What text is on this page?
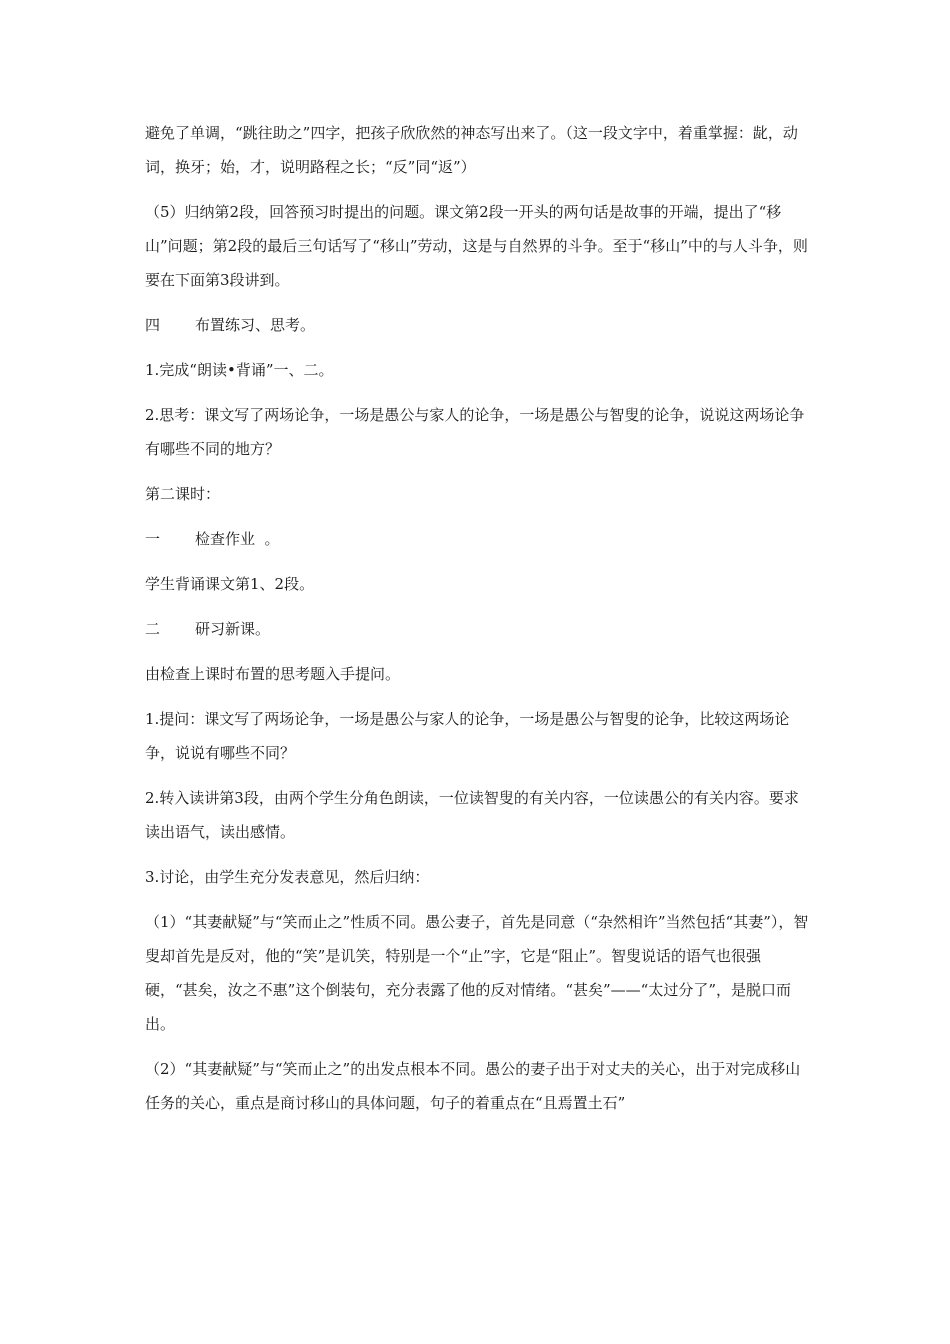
避免了单调，“跳往助之”四字，把孩子欣欣然的神态写出来了。（这一段文字中，着重掌握：龀，动词，换牙；始，才，说明路程之长；“反”同“返”）

（5）归纳第2段，回答预习时提出的问题。课文第2段一开头的两句话是故事的开端，提出了“移山”问题；第2段的最后三句话写了“移山”劳动，这是与自然界的斗争。至于“移山”中的与人斗争，则要在下面第3段讲到。

四 布置练习、思考。

1.完成“朗读•背诵”一、二。

2.思考：课文写了两场论争，一场是愚公与家人的论争，一场是愚公与智叟的论争，说说这两场论争有哪些不同的地方？

第二课时：

一 检查作业  。

学生背诵课文第1、2段。

二 研习新课。

由检查上课时布置的思考题入手提问。

1.提问：课文写了两场论争，一场是愚公与家人的论争，一场是愚公与智叟的论争，比较这两场论争，说说有哪些不同？

2.转入读讲第3段，由两个学生分角色朗读，一位读智叟的有关内容，一位读愚公的有关内容。要求读出语气，读出感情。

3.讨论，由学生充分发表意见，然后归纳：

（1）“其妻献疑”与“笑而止之”性质不同。愚公妻子，首先是同意（“杂然相许”当然包括“其妻”），智叟却首先是反对，他的“笑”是讥笑，特别是一个“止”字，它是“阻止”。智叟说话的语气也很强硬，“甚矣，汝之不惠”这个倒装句，充分表露了他的反对情绪。“甚矣”——“太过分了”，是脱口而出。

（2）“其妻献疑”与“笑而止之”的出发点根本不同。愚公的妻子出于对丈夫的关心，出于对完成移山任务的关心，重点是商讨移山的具体问题，句子的着重点在“且焉置土石”
